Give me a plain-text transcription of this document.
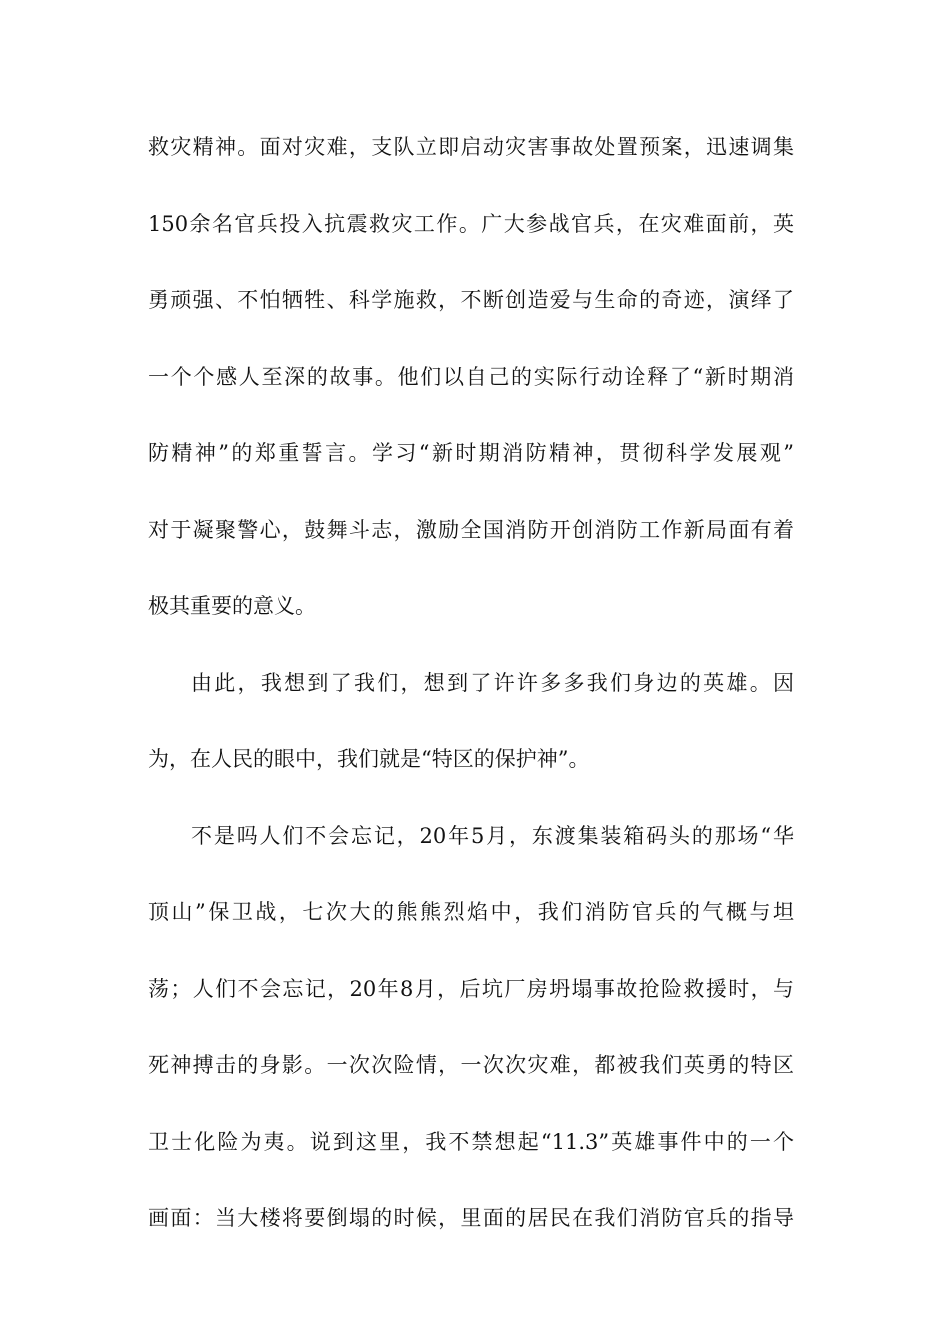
救灾精神。面对灾难，支队立即启动灾害事故处置预案，迅速调集
150余名官兵投入抗震救灾工作。广大参战官兵，在灾难面前，英
勇顽强、不怕牺牲、科学施救，不断创造爱与生命的奇迹，演绎了
一个个感人至深的故事。他们以自己的实际行动诠释了“新时期消
防精神”的郑重誓言。学习“新时期消防精神，贯彻科学发展观”
对于凝聚警心，鼓舞斗志，激励全国消防开创消防工作新局面有着
极其重要的意义。
由此，我想到了我们，想到了许许多多我们身边的英雄。因
为，在人民的眼中，我们就是“特区的保护神”。
不是吗人们不会忘记，20年5月，东渡集装箱码头的那场“华
顶山”保卫战，七次大的熊熊烈焰中，我们消防官兵的气概与坦
荡；人们不会忘记，20年8月，后坑厂房坍塌事故抢险救援时，与
死神搏击的身影。一次次险情，一次次灾难，都被我们英勇的特区
卫士化险为夷。说到这里，我不禁想起“11.3”英雄事件中的一个
画面：当大楼将要倒塌的时候，里面的居民在我们消防官兵的指导
